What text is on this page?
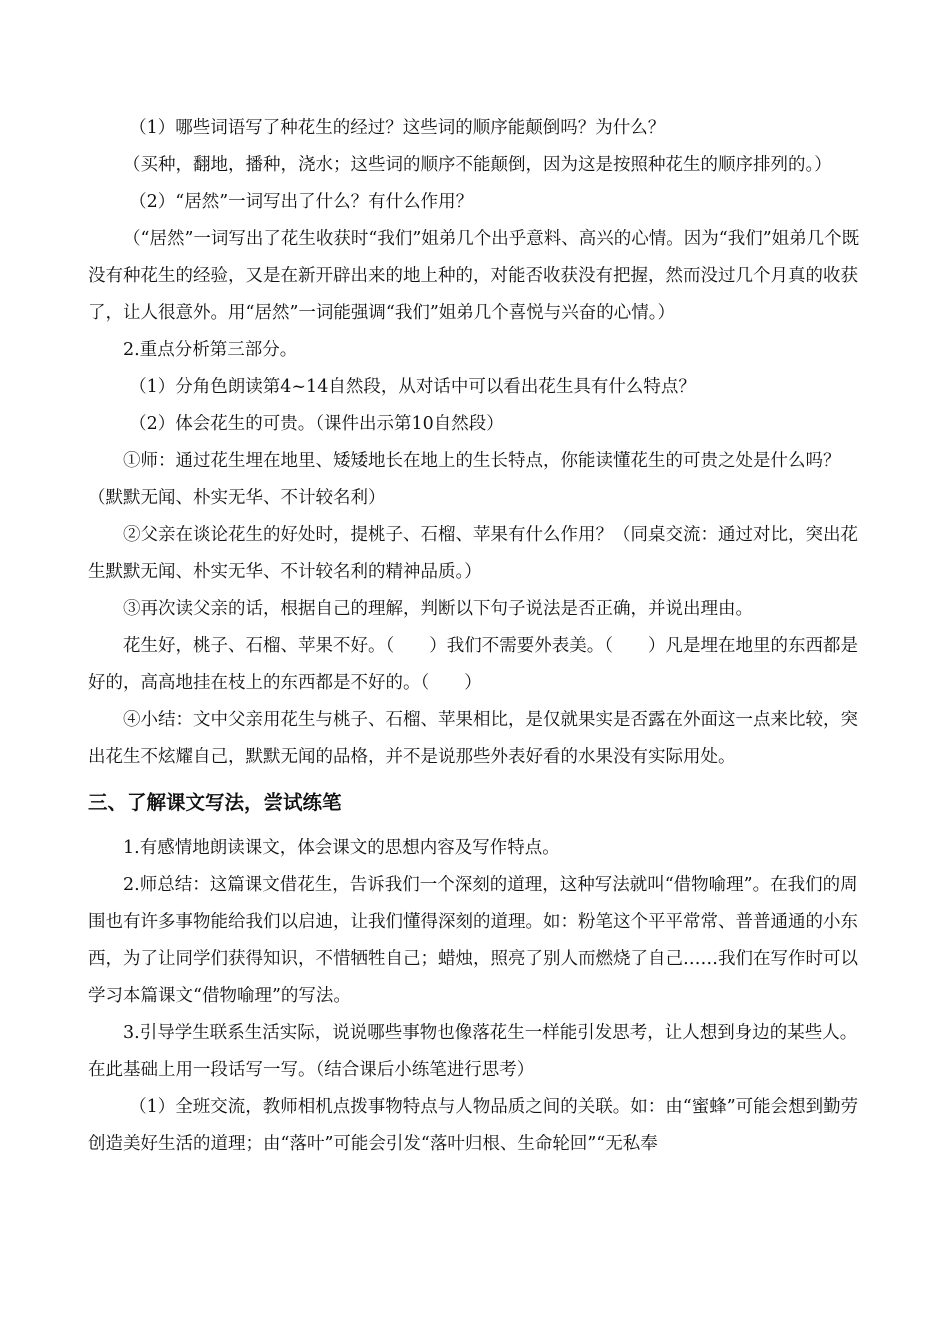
（1）哪些词语写了种花生的经过？这些词的顺序能颠倒吗？为什么？

（买种，翻地，播种，浇水；这些词的顺序不能颠倒，因为这是按照种花生的顺序排列的。）

（2）“居然”一词写出了什么？有什么作用？

（“居然”一词写出了花生收获时“我们”姐弟几个出乎意料、高兴的心情。因为“我们”姐弟几个既没有种花生的经验，又是在新开辟出来的地上种的，对能否收获没有把握，然而没过几个月真的收获了，让人很意外。用“居然”一词能强调“我们”姐弟几个喜悦与兴奋的心情。）

2.重点分析第三部分。

（1）分角色朗读第4~14自然段，从对话中可以看出花生具有什么特点？

（2）体会花生的可贵。（课件出示第10自然段）

①师：通过花生埋在地里、矮矮地长在地上的生长特点，你能读懂花生的可贵之处是什么吗？（默默无闻、朴实无华、不计较名利）

②父亲在谈论花生的好处时，提桃子、石榴、苹果有什么作用？（同桌交流：通过对比，突出花生默默无闻、朴实无华、不计较名利的精神品质。）

③再次读父亲的话，根据自己的理解，判断以下句子说法是否正确，并说出理由。

花生好，桃子、石榴、苹果不好。（　　）我们不需要外表美。（　　）凡是埋在地里的东西都是好的，高高地挂在枝上的东西都是不好的。（　　）

④小结：文中父亲用花生与桃子、石榴、苹果相比，是仅就果实是否露在外面这一点来比较，突出花生不炫耀自己，默默无闻的品格，并不是说那些外表好看的水果没有实际用处。

三、了解课文写法，尝试练笔

1.有感情地朗读课文，体会课文的思想内容及写作特点。

2.师总结：这篇课文借花生，告诉我们一个深刻的道理，这种写法就叫“借物喻理”。在我们的周围也有许多事物能给我们以启迪，让我们懂得深刻的道理。如：粉笔这个平平常常、普普通通的小东西，为了让同学们获得知识，不惜牺牲自己；蜡烛，照亮了别人而燃烧了自己……我们在写作时可以学习本篇课文“借物喻理”的写法。

3.引导学生联系生活实际，说说哪些事物也像落花生一样能引发思考，让人想到身边的某些人。在此基础上用一段话写一写。（结合课后小练笔进行思考）

（1）全班交流，教师相机点拨事物特点与人物品质之间的关联。如：由“蜜蜂”可能会想到勤劳创造美好生活的道理；由“落叶”可能会引发“落叶归根、生命轮回”“无私奉
